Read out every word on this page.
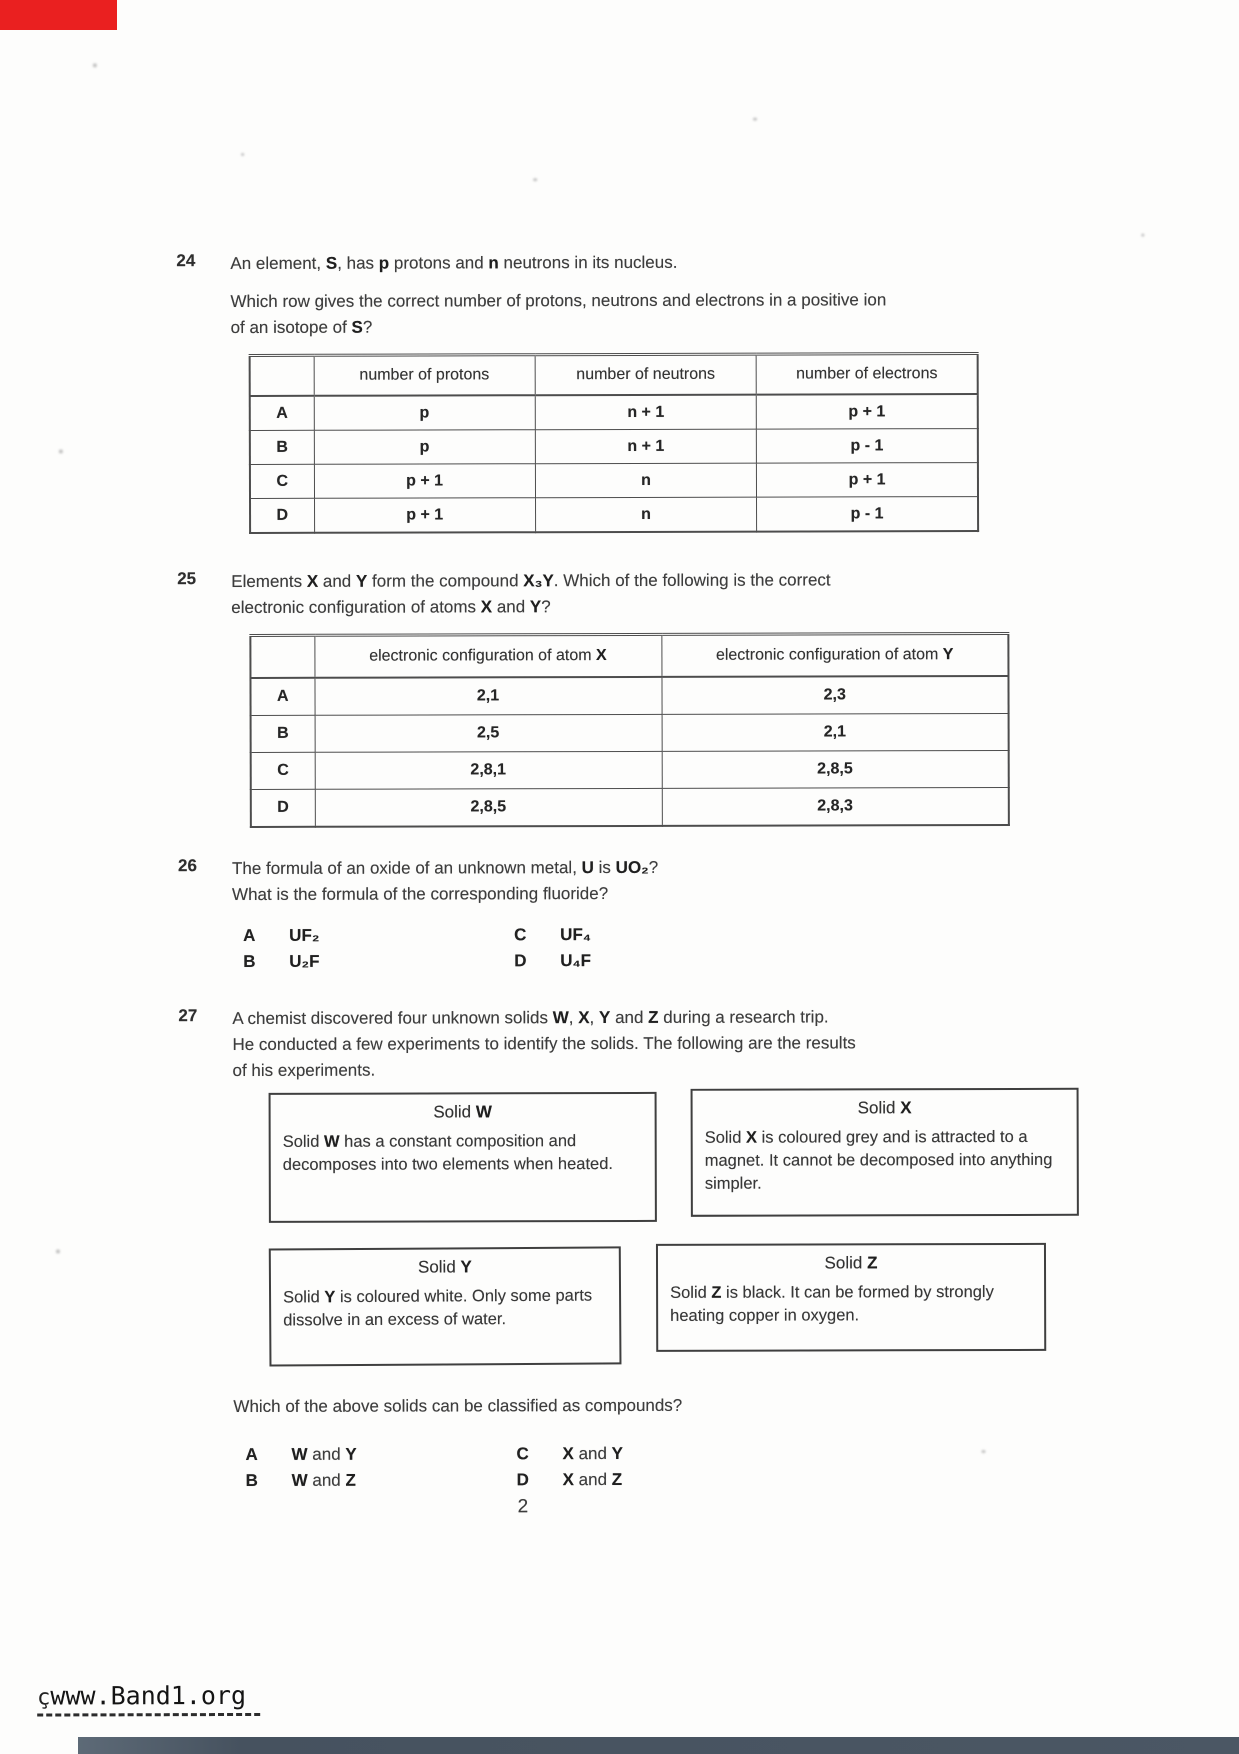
24	An element, S, has p protons and n neutrons in its nucleus.
Which row gives the correct number of protons, neutrons and electrons in a positive ion
of an isotope of S?
	number of protons	number of neutrons	number of electrons
A	p	n + 1	p + 1
B	p	n + 1	p - 1
C	p + 1	n	p + 1
D	p + 1	n	p - 1
25	Elements X and Y form the compound X₃Y. Which of the following is the correct
electronic configuration of atoms X and Y?
	electronic configuration of atom X	electronic configuration of atom Y
A	2,1	2,3
B	2,5	2,1
C	2,8,1	2,8,5
D	2,8,5	2,8,3
26	The formula of an oxide of an unknown metal, U is UO₂?
What is the formula of the corresponding fluoride?
A	UF₂	C	UF₄
B	U₂F	D	U₄F
27	A chemist discovered four unknown solids W, X, Y and Z during a research trip.
He conducted a few experiments to identify the solids. The following are the results
of his experiments.
Solid W
Solid W has a constant composition and decomposes into two elements when heated.
Solid X
Solid X is coloured grey and is attracted to a magnet. It cannot be decomposed into anything simpler.
Solid Y
Solid Y is coloured white. Only some parts dissolve in an excess of water.
Solid Z
Solid Z is black. It can be formed by strongly heating copper in oxygen.
Which of the above solids can be classified as compounds?
A	W and Y	C	X and Y
B	W and Z	D	X and Z
2
çwww.Band1.org
